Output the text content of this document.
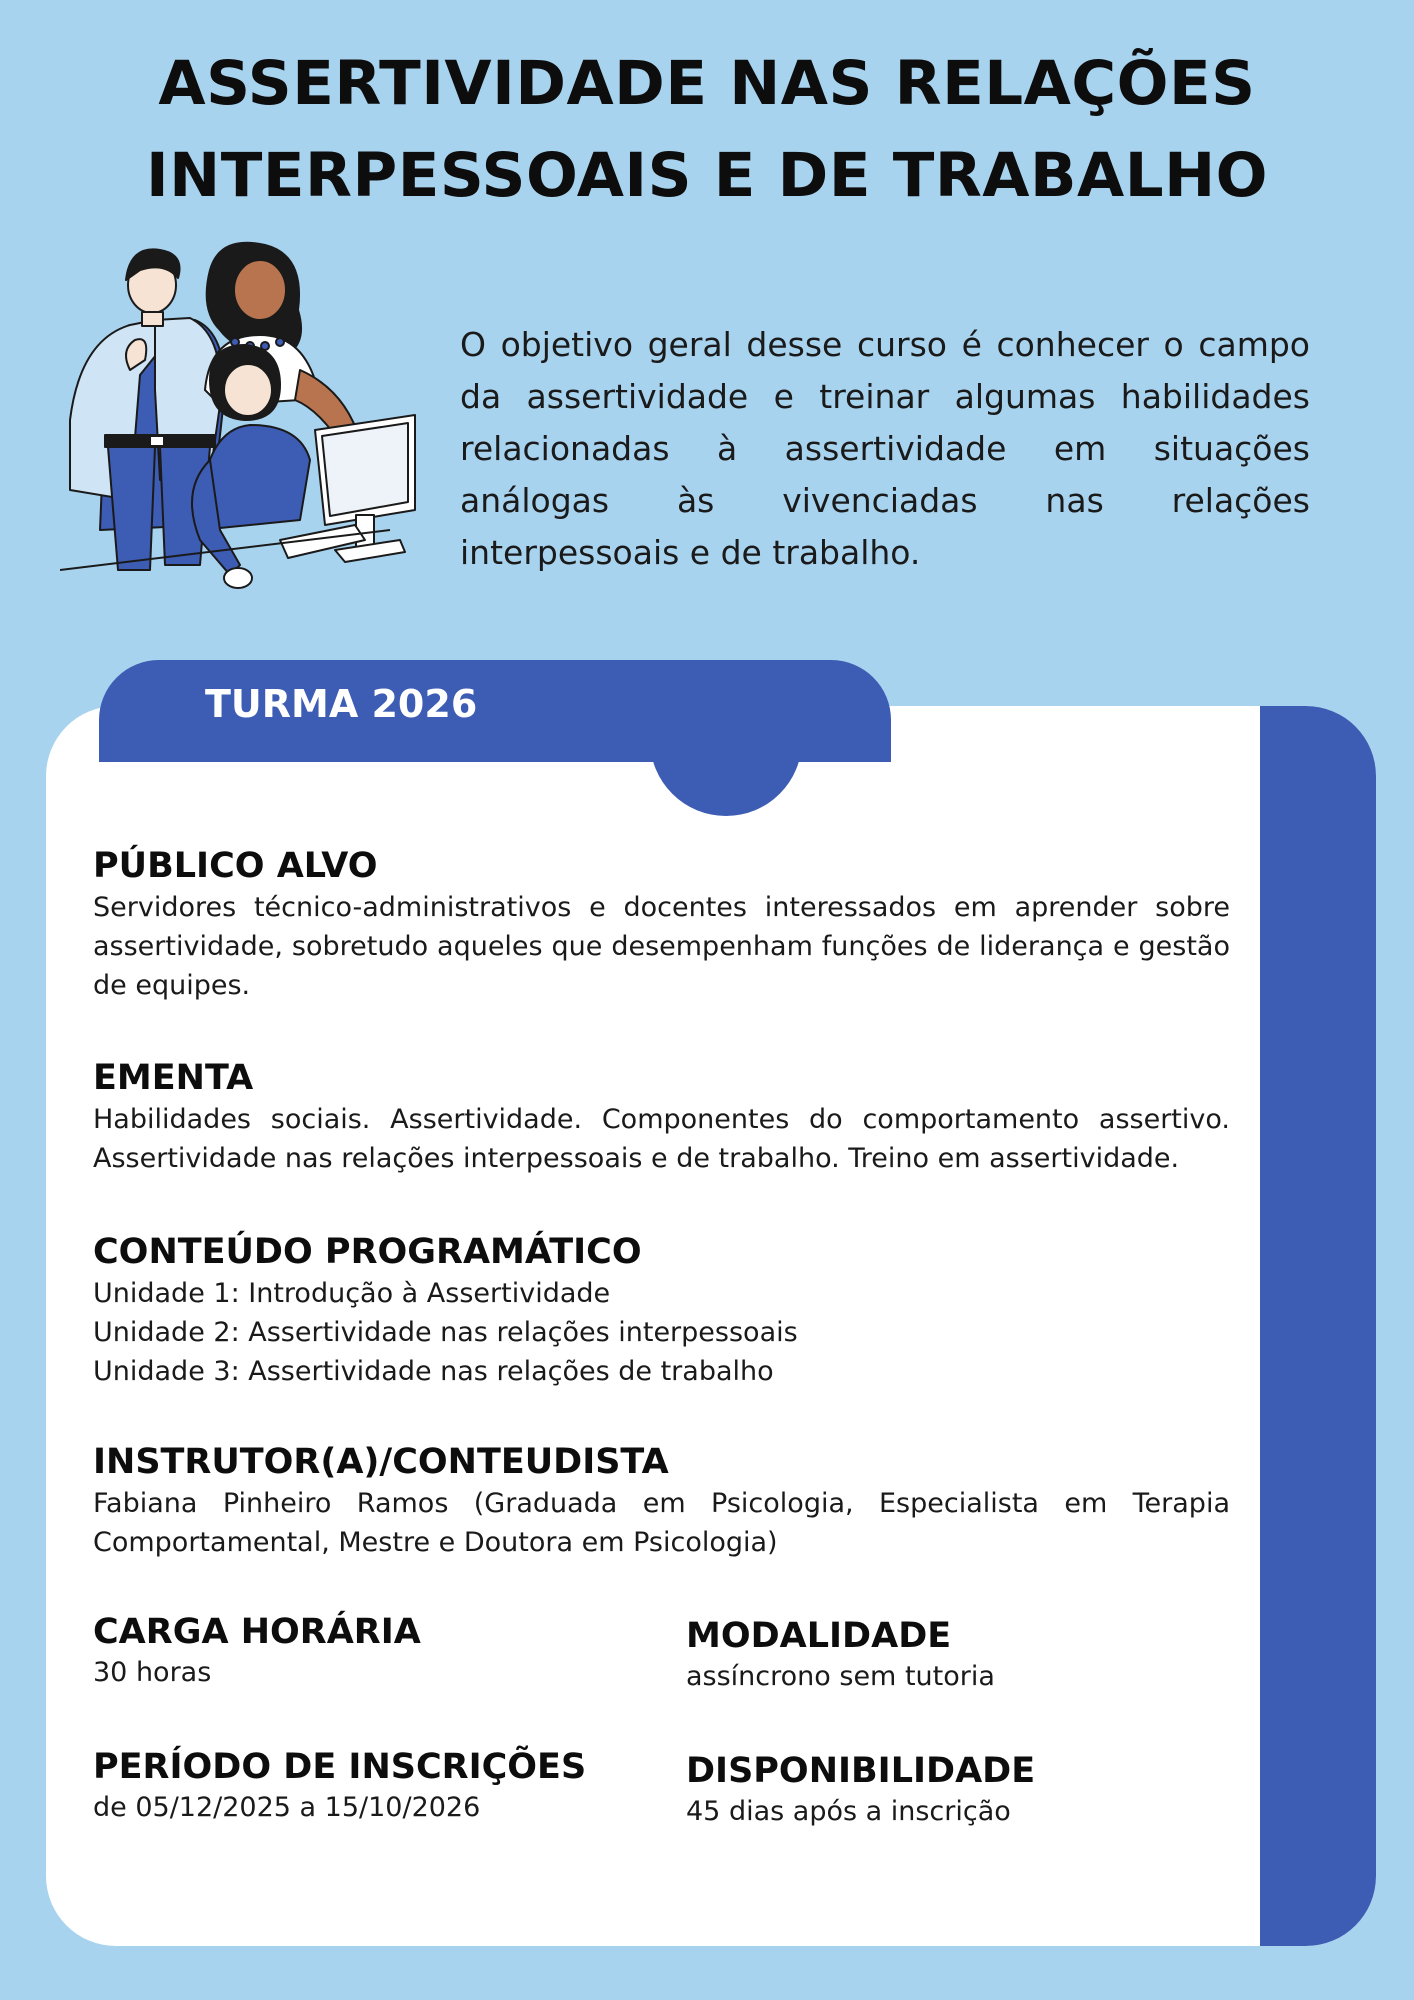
ASSERTIVIDADE NAS RELAÇÕES
INTERPESSOAIS E DE TRABALHO

O objetivo geral desse curso é conhecer o campo da assertividade e treinar algumas habilidades relacionadas à assertividade em situações análogas às vivenciadas nas relações interpessoais e de trabalho.

TURMA 2026
PÚBLICO ALVO

Servidores técnico-administrativos e docentes interessados em aprender sobre assertividade, sobretudo aqueles que desempenham funções de liderança e gestão de equipes.

EMENTA

Habilidades sociais. Assertividade. Componentes do comportamento assertivo. Assertividade nas relações interpessoais e de trabalho. Treino em assertividade.

CONTEÚDO PROGRAMÁTICO
Unidade 1: Introdução à Assertividade
Unidade 2: Assertividade nas relações interpessoais
Unidade 3: Assertividade nas relações de trabalho
INSTRUTOR(A)/CONTEUDISTA

Fabiana Pinheiro Ramos (Graduada em Psicologia, Especialista em Terapia Comportamental, Mestre e Doutora em Psicologia)

CARGA HORÁRIA

30 horas

MODALIDADE

assíncrono sem tutoria

PERÍODO DE INSCRIÇÕES

de 05/12/2025 a 15/10/2026

DISPONIBILIDADE

45 dias após a inscrição
